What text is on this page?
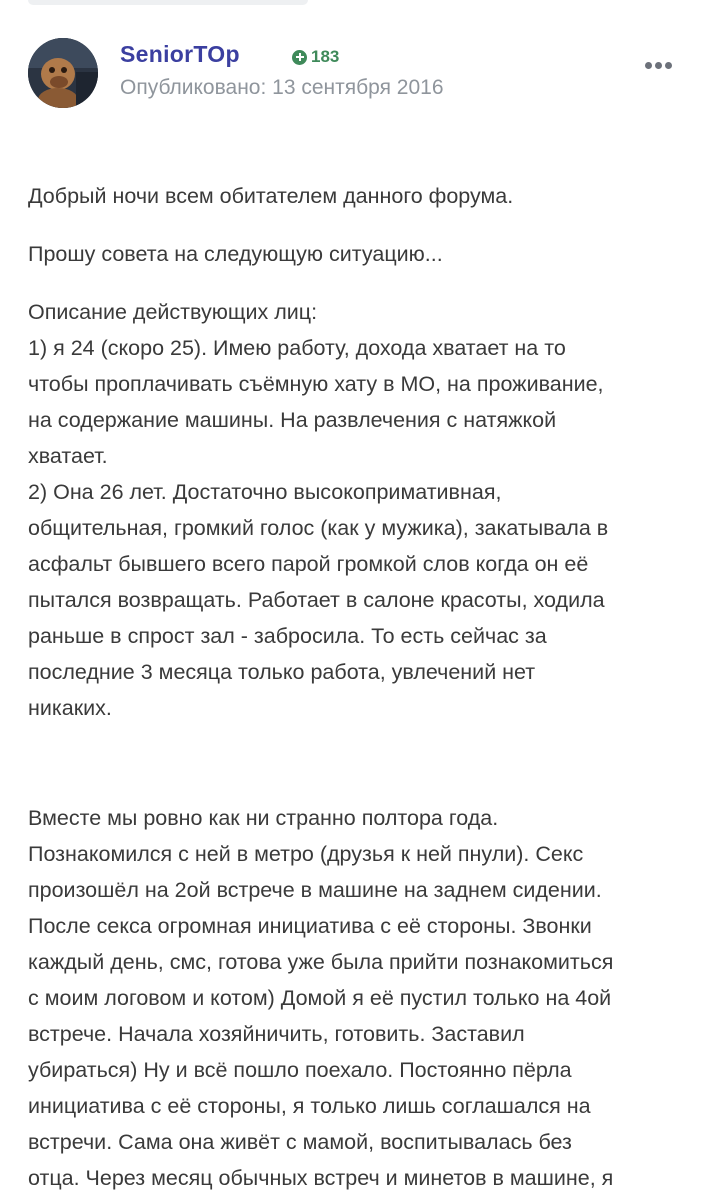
SeniorTOp	183
Опубликовано: 13 сентября 2016

Добрый ночи всем обитателем данного форума.

Прошу совета на следующую ситуацию...

Описание действующих лиц:
1) я 24 (скоро 25). Имею работу, дохода хватает на то
чтобы проплачивать съёмную хату в МО, на проживание,
на содержание машины. На развлечения с натяжкой
хватает.
2) Она 26 лет. Достаточно высокопримативная,
общительная, громкий голос (как у мужика), закатывала в
асфальт бывшего всего парой громкой слов когда он её
пытался возвращать. Работает в салоне красоты, ходила
раньше в спрост зал - забросила. То есть сейчас за
последние 3 месяца только работа, увлечений нет
никаких.

Вместе мы ровно как ни странно полтора года.
Познакомился с ней в метро (друзья к ней пнули). Секс
произошёл на 2ой встрече в машине на заднем сидении.
После секса огромная инициатива с её стороны. Звонки
каждый день, смс, готова уже была прийти познакомиться
с моим логовом и котом) Домой я её пустил только на 4ой
встрече. Начала хозяйничить, готовить. Заставил
убираться) Ну и всё пошло поехало. Постоянно пёрла
инициатива с её стороны, я только лишь соглашался на
встречи. Сама она живёт с мамой, воспитывалась без
отца. Через месяц обычных встреч и минетов в машине, я
